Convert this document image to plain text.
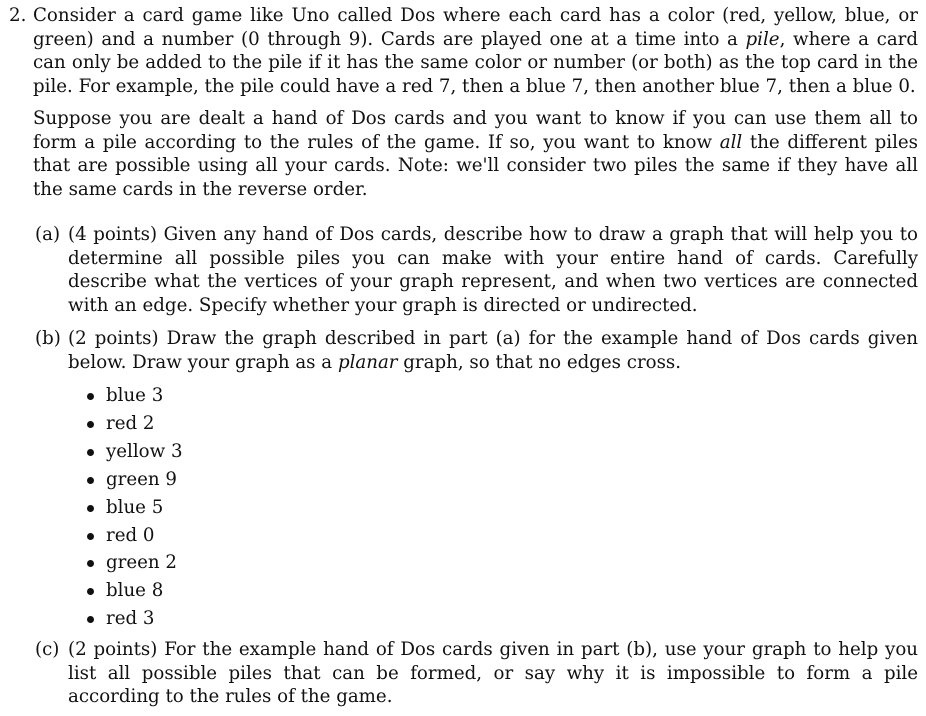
2. Consider a card game like Uno called Dos where each card has a color (red, yellow, blue, or green) and a number (0 through 9). Cards are played one at a time into a pile, where a card can only be added to the pile if it has the same color or number (or both) as the top card in the pile. For example, the pile could have a red 7, then a blue 7, then another blue 7, then a blue 0.
Suppose you are dealt a hand of Dos cards and you want to know if you can use them all to form a pile according to the rules of the game. If so, you want to know all the different piles that are possible using all your cards. Note: we'll consider two piles the same if they have all the same cards in the reverse order.
(a) (4 points) Given any hand of Dos cards, describe how to draw a graph that will help you to determine all possible piles you can make with your entire hand of cards. Carefully describe what the vertices of your graph represent, and when two vertices are connected with an edge. Specify whether your graph is directed or undirected.
(b) (2 points) Draw the graph described in part (a) for the example hand of Dos cards given below. Draw your graph as a planar graph, so that no edges cross.
blue 3
red 2
yellow 3
green 9
blue 5
red 0
green 2
blue 8
red 3
(c) (2 points) For the example hand of Dos cards given in part (b), use your graph to help you list all possible piles that can be formed, or say why it is impossible to form a pile according to the rules of the game.
